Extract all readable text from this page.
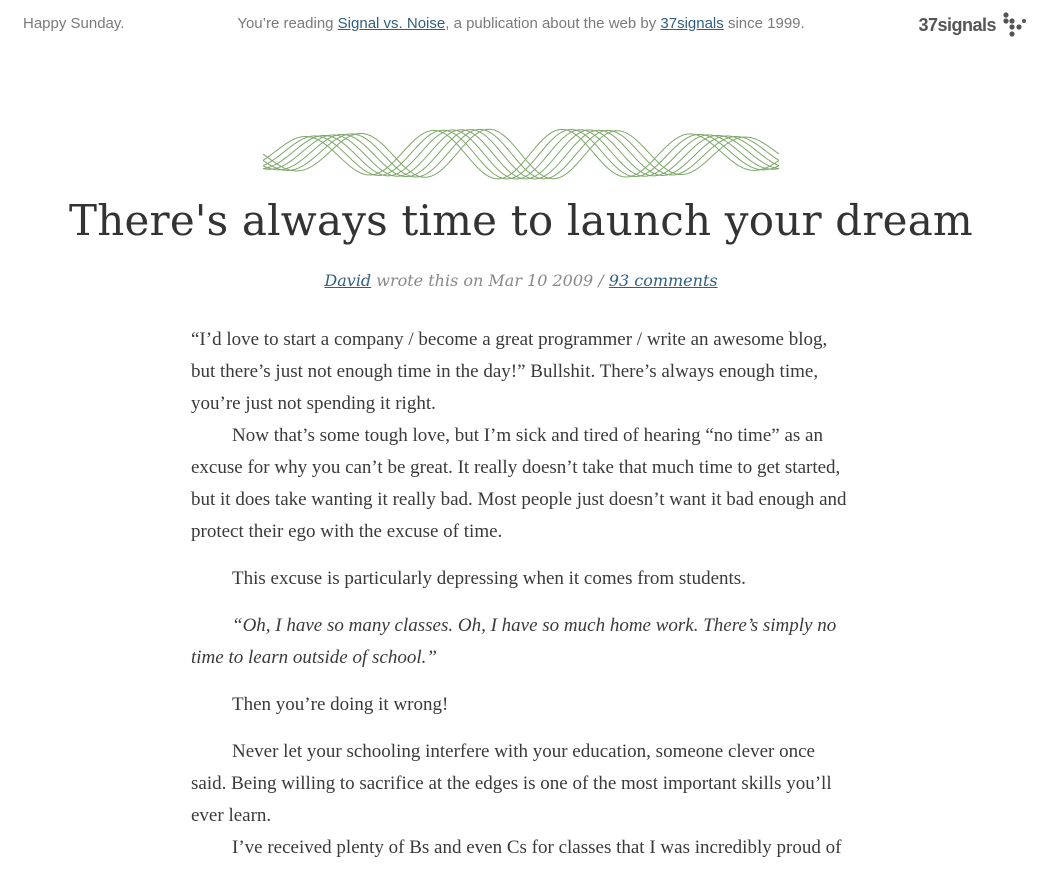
Happy Sunday.	You’re reading Signal vs. Noise, a publication about the web by 37signals since 1999.	37signals
There's always time to launch your dream
David wrote this on Mar 10 2009 / 93 comments

“I’d love to start a company / become a great programmer / write an awesome blog, but there’s just not enough time in the day!” Bullshit. There’s always enough time, you’re just not spending it right.

Now that’s some tough love, but I’m sick and tired of hearing “no time” as an excuse for why you can’t be great. It really doesn’t take that much time to get started, but it does take wanting it really bad. Most people just doesn’t want it bad enough and protect their ego with the excuse of time.

This excuse is particularly depressing when it comes from students.

“Oh, I have so many classes. Oh, I have so much home work. There’s simply no time to learn outside of school.”

Then you’re doing it wrong!

Never let your schooling interfere with your education, someone clever once said. Being willing to sacrifice at the edges is one of the most important skills you’ll ever learn.

I’ve received plenty of Bs and even Cs for classes that I was incredibly proud of
